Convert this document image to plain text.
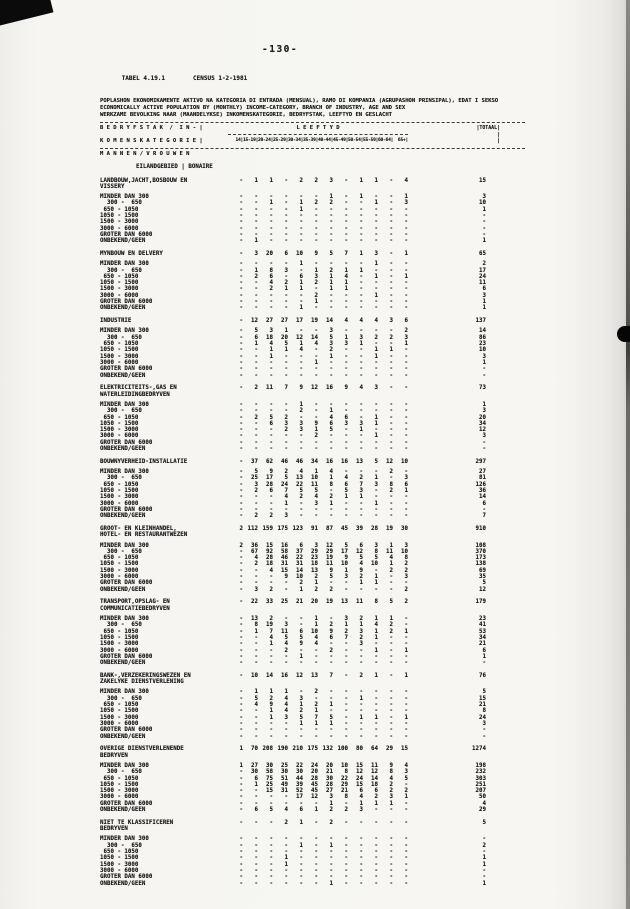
-130-

TABEL 4.19.1	CENSUS 1-2-1981

POPLASHON EKONOMIKAMENTE AKTIVO NA KATEGORIA DI ENTRADA (MENSUAL), RAMO DI KOMPANIA (AGRUPASHON PRINSIPAL), EDAT I SEKSO
ECONOMICALLY ACTIVE POPULATION BY (MONTHLY) INCOME-CATEGORY, BRANCH OF INDUSTRY, AGE AND SEX
WERKZAME BEVOLKING NAAR (MAANDELYKSE) INKOMENSKATEGORIE, BEDRYFSTAK, LEEFTYD EN GESLACHT
B E D R Y F S T A K  /  I N - |	L E E F T Y D	|TOTAAL|
|
K O M E N S K A T E G O R I E |	14| 15-19| 20-24| 25-29| 30-34| 35-39| 40-44| 45-49| 50-54| 55-59| 60-64|	65+|	|
M A N N E N / V R O U W E N
EILANDGEBIED | BONAIRE
LANDBOUW,JACHT,BOSBOUW EN	-	1	1	-	2	2	3	-	1	1	-	4	15
VISSERY
MINDER DAN 300	-	-	-	-	-	-	1	-	1	-	-	1	3
300 -  650	-	-	1	-	1	2	2	-	-	1	-	3	10
650 - 1050	-	-	-	-	1	-	-	-	-	-	-	-	1
1050 - 1500	-	-	-	-	-	-	-	-	-	-	-	-	-
1500 - 3000	-	-	-	-	-	-	-	-	-	-	-	-	-
3000 - 6000	-	-	-	-	-	-	-	-	-	-	-	-	-
GROTER DAN 6000	-	-	-	-	-	-	-	-	-	-	-	-	-
ONBEKEND/GEEN	-	1	-	-	-	-	-	-	-	-	-	-	1
MYNBOUW EN DELVERY	-	3	20	6	10	9	5	7	1	3	-	1	65
MINDER DAN 300	-	-	-	-	1	-	-	-	-	1	-	-	2
300 -  650	-	1	8	3	-	1	2	1	1	-	-	-	17
650 - 1050	-	2	6	-	6	3	1	4	-	1	-	1	24
1050 - 1500	-	-	4	2	1	2	1	1	-	-	-	-	11
1500 - 3000	-	-	2	1	1	-	1	1	-	-	-	-	6
3000 - 6000	-	-	-	-	-	2	-	-	-	1	-	-	3
GROTER DAN 6000	-	-	-	-	-	1	-	-	-	-	-	-	1
ONBEKEND/GEEN	-	-	-	-	1	-	-	-	-	-	-	-	1
INDUSTRIE	-	12	27	27	17	19	14	4	4	4	3	6	137
MINDER DAN 300	-	5	3	1	-	-	3	-	-	-	-	2	14
300 -  650	-	6	18	20	12	14	5	1	3	2	2	3	86
650 - 1050	-	1	4	5	1	4	3	3	1	-	-	1	23
1050 - 1500	-	-	1	1	4	-	2	-	-	1	1	-	10
1500 - 3000	-	-	1	-	-	-	1	-	-	1	-	-	3
3000 - 6000	-	-	-	-	-	1	-	-	-	-	-	-	1
GROTER DAN 6000	-	-	-	-	-	-	-	-	-	-	-	-	-
ONBEKEND/GEEN	-	-	-	-	-	-	-	-	-	-	-	-	-
ELEKTRICITEITS-,GAS EN	-	2	11	7	9	12	16	9	4	3	-	-	73
WATERLEIDINGBEDRYVEN
MINDER DAN 300	-	-	-	-	1	-	-	-	-	-	-	-	1
300 -  650	-	-	-	-	2	-	1	-	-	-	-	-	3
650 - 1050	-	2	5	2	-	-	4	6	-	1	-	-	20
1050 - 1500	-	-	6	3	3	9	6	3	3	1	-	-	34
1500 - 3000	-	-	-	2	3	1	5	-	1	-	-	-	12
3000 - 6000	-	-	-	-	-	2	-	-	-	1	-	-	3
GROTER DAN 6000	-	-	-	-	-	-	-	-	-	-	-	-	-
ONBEKEND/GEEN	-	-	-	-	-	-	-	-	-	-	-	-	-
BOUWNYVERHEID-INSTALLATIE	-	37	62	46	46	34	16	16	13	5	12	10	297
MINDER DAN 300	-	5	9	2	4	1	4	-	-	-	2	-	27
300 -  650	-	25	17	5	13	10	1	4	2	1	-	3	81
650 - 1050	-	3	28	24	22	11	8	6	7	3	8	6	126
1050 - 1500	-	2	6	7	5	5	-	5	3	-	2	1	36
1500 - 3000	-	-	-	4	2	4	2	1	1	-	-	-	14
3000 - 6000	-	-	-	1	-	3	1	-	-	1	-	-	6
GROTER DAN 6000	-	-	-	-	-	-	-	-	-	-	-	-	-
ONBEKEND/GEEN	-	2	2	3	-	-	-	-	-	-	-	-	7
GROOT- EN KLEINHANDEL,	2 112 159 175 123	91	87	45	39	28	19	30	910
HOTEL- EN RESTAURANTWEZEN
MINDER DAN 300	2	36	15	16	6	3	12	5	6	3	1	3	108
300 -  650	-	67	92	58	37	29	29	17	12	8	11	10	370
650 - 1050	-	4	28	46	22	23	19	9	5	5	4	8	173
1050 - 1500	-	2	18	31	31	18	11	10	4	10	1	2	138
1500 - 3000	-	-	4	15	14	13	9	1	9	-	2	2	69
3000 - 6000	-	-	-	9	10	2	5	3	2	1	-	3	35
GROTER DAN 6000	-	-	-	-	2	1	-	-	1	1	-	-	5
ONBEKEND/GEEN	-	3	2	-	1	2	2	-	-	-	-	2	12
TRANSPORT,OPSLAG- EN	-	22	33	25	21	20	19	13	11	8	5	2	179
COMMUNICATIEBEDRYVEN
MINDER DAN 300	-	13	2	-	-	1	-	3	2	1	1	-	23
300 -  650	-	8	19	3	-	1	2	1	1	4	2	-	41
650 - 1050	-	1	7	11	6	10	9	2	3	1	2	1	53
1050 - 1500	-	-	4	5	5	4	6	7	2	1	-	-	34
1500 - 3000	-	-	1	4	9	4	-	-	3	-	-	-	21
3000 - 6000	-	-	-	2	-	-	2	-	-	1	-	1	6
GROTER DAN 6000	-	-	-	-	1	-	-	-	-	-	-	-	1
ONBEKEND/GEEN	-	-	-	-	-	-	-	-	-	-	-	-	-
BANK-,VERZEKERINGSWEZEN EN	-	10	14	16	12	13	7	-	2	1	-	1	76
ZAKELYKE DIENSTVERLENING
MINDER DAN 300	-	1	1	1	-	2	-	-	-	-	-	-	5
300 -  650	-	5	2	4	3	-	-	-	1	-	-	-	15
650 - 1050	-	4	9	4	1	2	1	-	-	-	-	-	21
1050 - 1500	-	-	1	4	2	1	-	-	-	-	-	-	8
1500 - 3000	-	-	1	3	5	7	5	-	1	1	-	1	24
3000 - 6000	-	-	-	-	1	1	1	-	-	-	-	-	3
GROTER DAN 6000	-	-	-	-	-	-	-	-	-	-	-	-	-
ONBEKEND/GEEN	-	-	-	-	-	-	-	-	-	-	-	-	-
OVERIGE DIENSTVERLENENDE	1	70 208 190 210 175 132 100	80	64	29	15	1274
BEDRYVEN
MINDER DAN 300	1	27	30	25	22	24	20	10	15	11	9	4	198
300 -  650	-	30	58	30	30	20	21	8	12	12	8	3	232
650 - 1050	-	6	75	51	44	28	30	22	24	14	4	5	303
1050 - 1500	-	1	25	49	39	45	28	29	15	18	2	-	251
1500 - 3000	-	-	15	31	52	45	27	21	6	6	2	2	207
3000 - 6000	-	-	-	-	17	12	3	8	4	2	3	1	50
GROTER DAN 6000	-	-	-	-	-	-	1	-	1	1	1	-	4
ONBEKEND/GEEN	-	6	5	4	6	1	2	2	3	-	-	-	29
NIET TE KLASSIFICEREN	-	-	-	2	1	-	2	-	-	-	-	-	5
BEDRYVEN
MINDER DAN 300	-	-	-	-	-	-	-	-	-	-	-	-	-
300 -  650	-	-	-	-	1	-	1	-	-	-	-	-	2
650 - 1050	-	-	-	-	-	-	-	-	-	-	-	-	-
1050 - 1500	-	-	-	1	-	-	-	-	-	-	-	-	1
1500 - 3000	-	-	-	1	-	-	-	-	-	-	-	-	1
3000 - 6000	-	-	-	-	-	-	-	-	-	-	-	-	-
GROTER DAN 6000	-	-	-	-	-	-	-	-	-	-	-	-	-
ONBEKEND/GEEN	-	-	-	-	-	-	1	-	-	-	-	-	1
